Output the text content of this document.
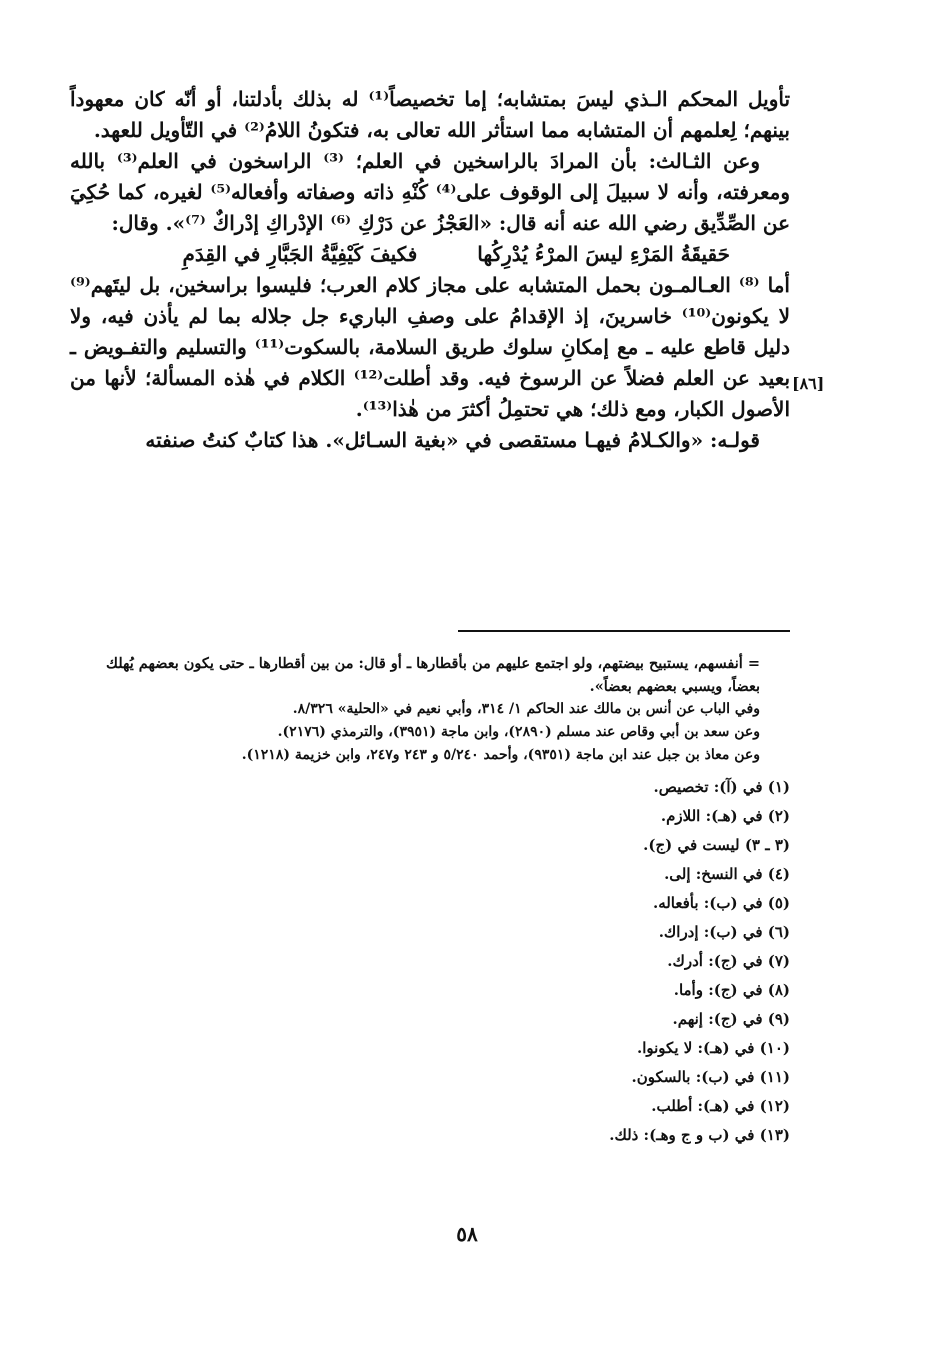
تأويل المحكم الـذي ليسَ بمتشابه؛ إما تخصيصاً⁽¹⁾ له بذلك بأدلتنا، أو أنّه كان معهوداً بينهم؛ لِعلمهم أن المتشابه مما استأثر الله تعالى به، فتكونُ اللامُ⁽²⁾ في التّأويل للعهد.

وعن الثـالث: بأن المرادَ بالراسخين في العلم؛ ⁽³⁾ الراسخون في العلم⁽³⁾ بالله ومعرفته، وأنه لا سبيلَ إلى الوقوف على⁽⁴⁾ كُنْهِ ذاته وصفاته وأفعاله⁽⁵⁾ لغيره، كما حُكِيَ عن الصِّدِّيق رضي الله عنه أنه قال: «العَجْزُ عن دَرْكِ ⁽⁶⁾ الإدْراكِ إدْراكٌ ⁽⁷⁾». وقال:

حَقيقَةُ المَرْءِ ليسَ المرْءُ يُدْرِكُها
فكيفَ كَيْفِيَّةُ الجَبَّارِ في القِدَمِ

أما ⁽⁸⁾ العـالمـون بحمل المتشابه على مجاز كلام العرب؛ فليسوا براسخين، بل ليتَهم⁽⁹⁾ لا يكونون⁽¹⁰⁾ خاسرينَ، إذ الإقدامُ على وصفِ الباريء جل جلاله بما لم يأذن فيه، ولا دليل قاطع عليه ـ مع إمكانِ سلوك طريق السلامة، بالسكوت⁽¹¹⁾ والتسليم والتفـويض ـ بعيد عن العلم فضلاً عن الرسوخ فيه. وقد أطلت⁽¹²⁾ الكلام في هٰذه المسألة؛ لأنها من الأصول الكبار، ومع ذلك؛ هي تحتمِلُ أكثرَ من هٰذا⁽¹³⁾.

قولـه: «والكـلامُ فيهـا مستقصى في «بغية السـائل». هذا كتابٌ كنتُ صنفته

[٨٦]

= أنفسهم، يستبيح بيضتهم، ولو اجتمع عليهم من بأقطارها ـ أو قال: من بين أقطارها ـ حتى يكون بعضهم يُهلك بعضاً، ويسبي بعضهم بعضاً».

وفي الباب عن أنس بن مالك عند الحاكم ١/ ٣١٤، وأبي نعيم في «الحلية» ٨/٣٢٦.

وعن سعد بن أبي وقاص عند مسلم (٢٨٩٠)، وابن ماجة (٣٩٥١)، والترمذي (٢١٧٦).

وعن معاذ بن جبل عند ابن ماجة (٩٣٥١)، وأحمد ٥/٢٤٠ و ٢٤٣ و٢٤٧، وابن خزيمة (١٢١٨).

(١) في (آ): تخصيص.

(٢) في (هـ): اللازم.

(٣ ـ ٣) ليست في (ج).

(٤) في النسخ: إلى.

(٥) في (ب): بأفعاله.

(٦) في (ب): إدراك.

(٧) في (ج): أدرك.

(٨) في (ج): وأما.

(٩) في (ج): إنهم.

(١٠) في (هـ): لا يكونوا.

(١١) في (ب): بالسكون.

(١٢) في (هـ): أطلب.

(١٣) في (ب و ج وهـ): ذلك.

٥٨
